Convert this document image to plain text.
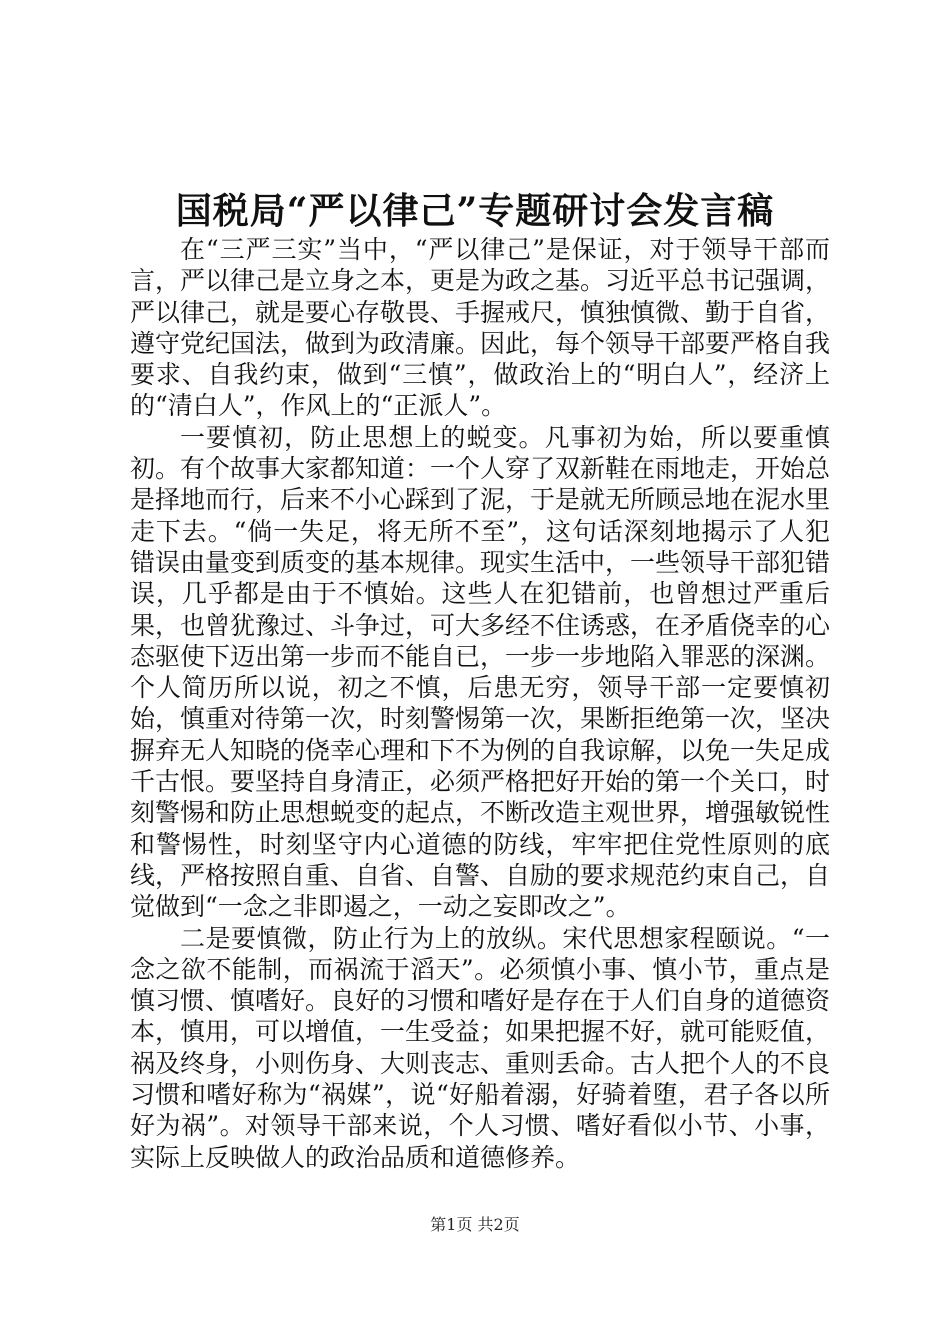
国税局“严以律己”专题研讨会发言稿

在“三严三实”当中，“严以律己”是保证，对于领导干部而言，严以律己是立身之本，更是为政之基。习近平总书记强调，严以律己，就是要心存敬畏、手握戒尺，慎独慎微、勤于自省，遵守党纪国法，做到为政清廉。因此，每个领导干部要严格自我要求、自我约束，做到“三慎”，做政治上的“明白人”，经济上的“清白人”，作风上的“正派人”。

一要慎初，防止思想上的蜕变。凡事初为始，所以要重慎初。有个故事大家都知道：一个人穿了双新鞋在雨地走，开始总是择地而行，后来不小心踩到了泥，于是就无所顾忌地在泥水里走下去。“倘一失足，将无所不至”，这句话深刻地揭示了人犯错误由量变到质变的基本规律。现实生活中，一些领导干部犯错误，几乎都是由于不慎始。这些人在犯错前，也曾想过严重后果，也曾犹豫过、斗争过，可大多经不住诱惑，在矛盾侥幸的心态驱使下迈出第一步而不能自已，一步一步地陷入罪恶的深渊。个人简历所以说，初之不慎，后患无穷，领导干部一定要慎初始，慎重对待第一次，时刻警惕第一次，果断拒绝第一次，坚决摒弃无人知晓的侥幸心理和下不为例的自我谅解，以免一失足成千古恨。要坚持自身清正，必须严格把好开始的第一个关口，时刻警惕和防止思想蜕变的起点，不断改造主观世界，增强敏锐性和警惕性，时刻坚守内心道德的防线，牢牢把住党性原则的底线，严格按照自重、自省、自警、自励的要求规范约束自己，自觉做到“一念之非即遏之，一动之妄即改之”。

二是要慎微，防止行为上的放纵。宋代思想家程颐说。“一念之欲不能制，而祸流于滔天”。必须慎小事、慎小节，重点是慎习惯、慎嗜好。良好的习惯和嗜好是存在于人们自身的道德资本，慎用，可以增值，一生受益；如果把握不好，就可能贬值，祸及终身，小则伤身、大则丧志、重则丢命。古人把个人的不良习惯和嗜好称为“祸媒”，说“好船着溺，好骑着堕，君子各以所好为祸”。对领导干部来说，个人习惯、嗜好看似小节、小事，实际上反映做人的政治品质和道德修养。

第1页 共2页
